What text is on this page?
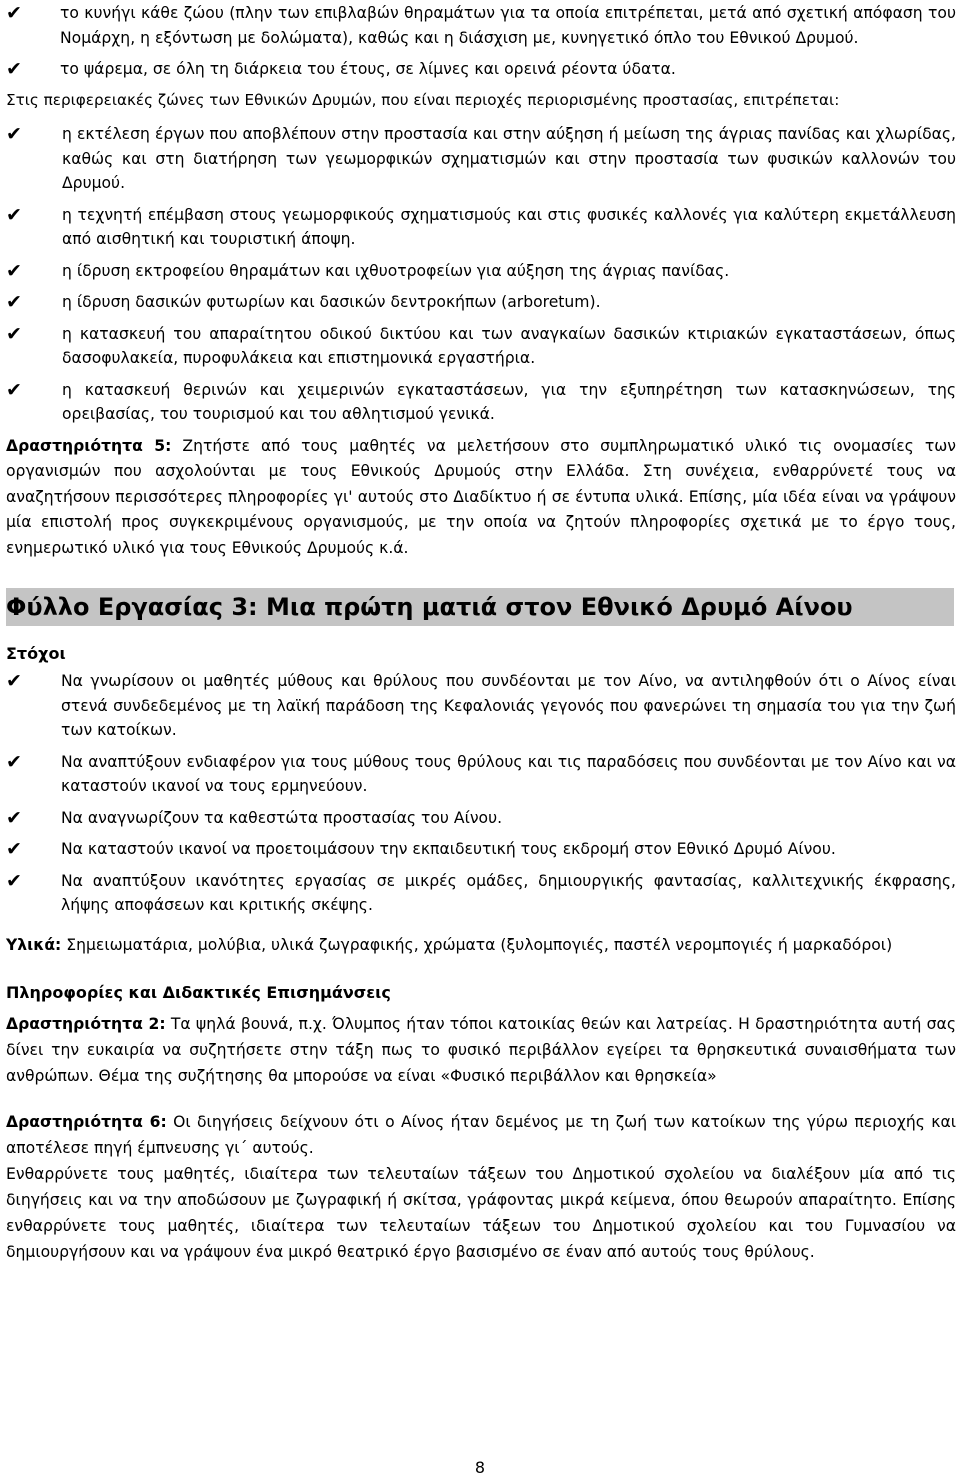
✔ το κυνήγι κάθε ζώου (πλην των επιβλαβών θηραμάτων για τα οποία επιτρέπεται, μετά από σχετική απόφαση του Νομάρχη, η εξόντωση με δολώματα), καθώς και η διάσχιση με, κυνηγετικό όπλο του Εθνικού Δρυμού.

✔ το ψάρεμα, σε όλη τη διάρκεια του έτους, σε λίμνες και ορεινά ρέοντα ύδατα.

Στις περιφερειακές ζώνες των Εθνικών Δρυμών, που είναι περιοχές περιορισμένης προστασίας, επιτρέπεται:

✔	η εκτέλεση έργων που αποβλέπουν στην προστασία και στην αύξηση ή μείωση της άγριας πανίδας και χλωρίδας, καθώς και στη διατήρηση των γεωμορφικών σχηματισμών και στην προστασία των φυσικών καλλονών του Δρυμού.

✔	η τεχνητή επέμβαση στους γεωμορφικούς σχηματισμούς και στις φυσικές καλλονές για καλύτερη εκμετάλλευση από αισθητική και τουριστική άποψη.

✔	η ίδρυση εκτροφείου θηραμάτων και ιχθυοτροφείων για αύξηση της άγριας πανίδας.

✔	η ίδρυση δασικών φυτωρίων και δασικών δεντροκήπων (arboretum).

✔	η κατασκευή του απαραίτητου οδικού δικτύου και των αναγκαίων δασικών κτιριακών εγκαταστάσεων, όπως δασοφυλακεία, πυροφυλάκεια και επιστημονικά εργαστήρια.

✔	η κατασκευή θερινών και χειμερινών εγκαταστάσεων, για την εξυπηρέτηση των κατασκηνώσεων, της ορειβασίας, του τουρισμού και του αθλητισμού γενικά.

Δραστηριότητα 5: Ζητήστε από τους μαθητές να μελετήσουν στο συμπληρωματικό υλικό τις ονομασίες των οργανισμών που ασχολούνται με τους Εθνικούς Δρυμούς στην Ελλάδα. Στη συνέχεια, ενθαρρύνετέ τους να αναζητήσουν περισσότερες πληροφορίες γι' αυτούς στο Διαδίκτυο ή σε έντυπα υλικά. Επίσης, μία ιδέα είναι να γράψουν μία επιστολή προς συγκεκριμένους οργανισμούς, με την οποία να ζητούν πληροφορίες σχετικά με το έργο τους, ενημερωτικό υλικό για τους Εθνικούς Δρυμούς κ.ά.

Φύλλο Εργασίας 3: Μια πρώτη ματιά στον Εθνικό Δρυμό Αίνου

Στόχοι

✔	Να γνωρίσουν οι μαθητές μύθους και θρύλους που συνδέονται με τον Αίνο, να αντιληφθούν ότι ο Αίνος είναι στενά συνδεδεμένος με τη λαϊκή παράδοση της Κεφαλονιάς γεγονός που φανερώνει τη σημασία του για την ζωή των κατοίκων.

✔	Να αναπτύξουν ενδιαφέρον για τους μύθους τους θρύλους και τις παραδόσεις που συνδέονται με τον Αίνο και να καταστούν ικανοί να τους ερμηνεύουν.

✔	Να αναγνωρίζουν τα καθεστώτα προστασίας του Αίνου.

✔	Να καταστούν ικανοί να προετοιμάσουν την εκπαιδευτική τους εκδρομή στον Εθνικό Δρυμό Αίνου.

✔	Να αναπτύξουν ικανότητες εργασίας σε μικρές ομάδες, δημιουργικής φαντασίας, καλλιτεχνικής έκφρασης, λήψης αποφάσεων και κριτικής σκέψης.

Υλικά: Σημειωματάρια, μολύβια, υλικά ζωγραφικής, χρώματα (ξυλομπογιές, παστέλ νερομπογιές ή μαρκαδόροι)

Πληροφορίες και Διδακτικές Επισημάνσεις

Δραστηριότητα 2: Τα ψηλά βουνά, π.χ. Όλυμπος ήταν τόποι κατοικίας θεών και λατρείας. Η δραστηριότητα αυτή σας δίνει την ευκαιρία να συζητήσετε στην τάξη πως το φυσικό περιβάλλον εγείρει τα θρησκευτικά συναισθήματα των ανθρώπων. Θέμα της συζήτησης θα μπορούσε να είναι «Φυσικό περιβάλλον και θρησκεία»

Δραστηριότητα 6: Οι διηγήσεις δείχνουν ότι ο Αίνος ήταν δεμένος με τη ζωή των κατοίκων της γύρω περιοχής και αποτέλεσε πηγή έμπνευσης γι΄ αυτούς.

Ενθαρρύνετε τους μαθητές, ιδιαίτερα των τελευταίων τάξεων του Δημοτικού σχολείου να διαλέξουν μία από τις διηγήσεις και να την αποδώσουν με ζωγραφική ή σκίτσα, γράφοντας μικρά κείμενα, όπου θεωρούν απαραίτητο. Επίσης ενθαρρύνετε τους μαθητές, ιδιαίτερα των τελευταίων τάξεων του Δημοτικού σχολείου και του Γυμνασίου να δημιουργήσουν και να γράψουν ένα μικρό θεατρικό έργο βασισμένο σε έναν από αυτούς τους θρύλους.

8
